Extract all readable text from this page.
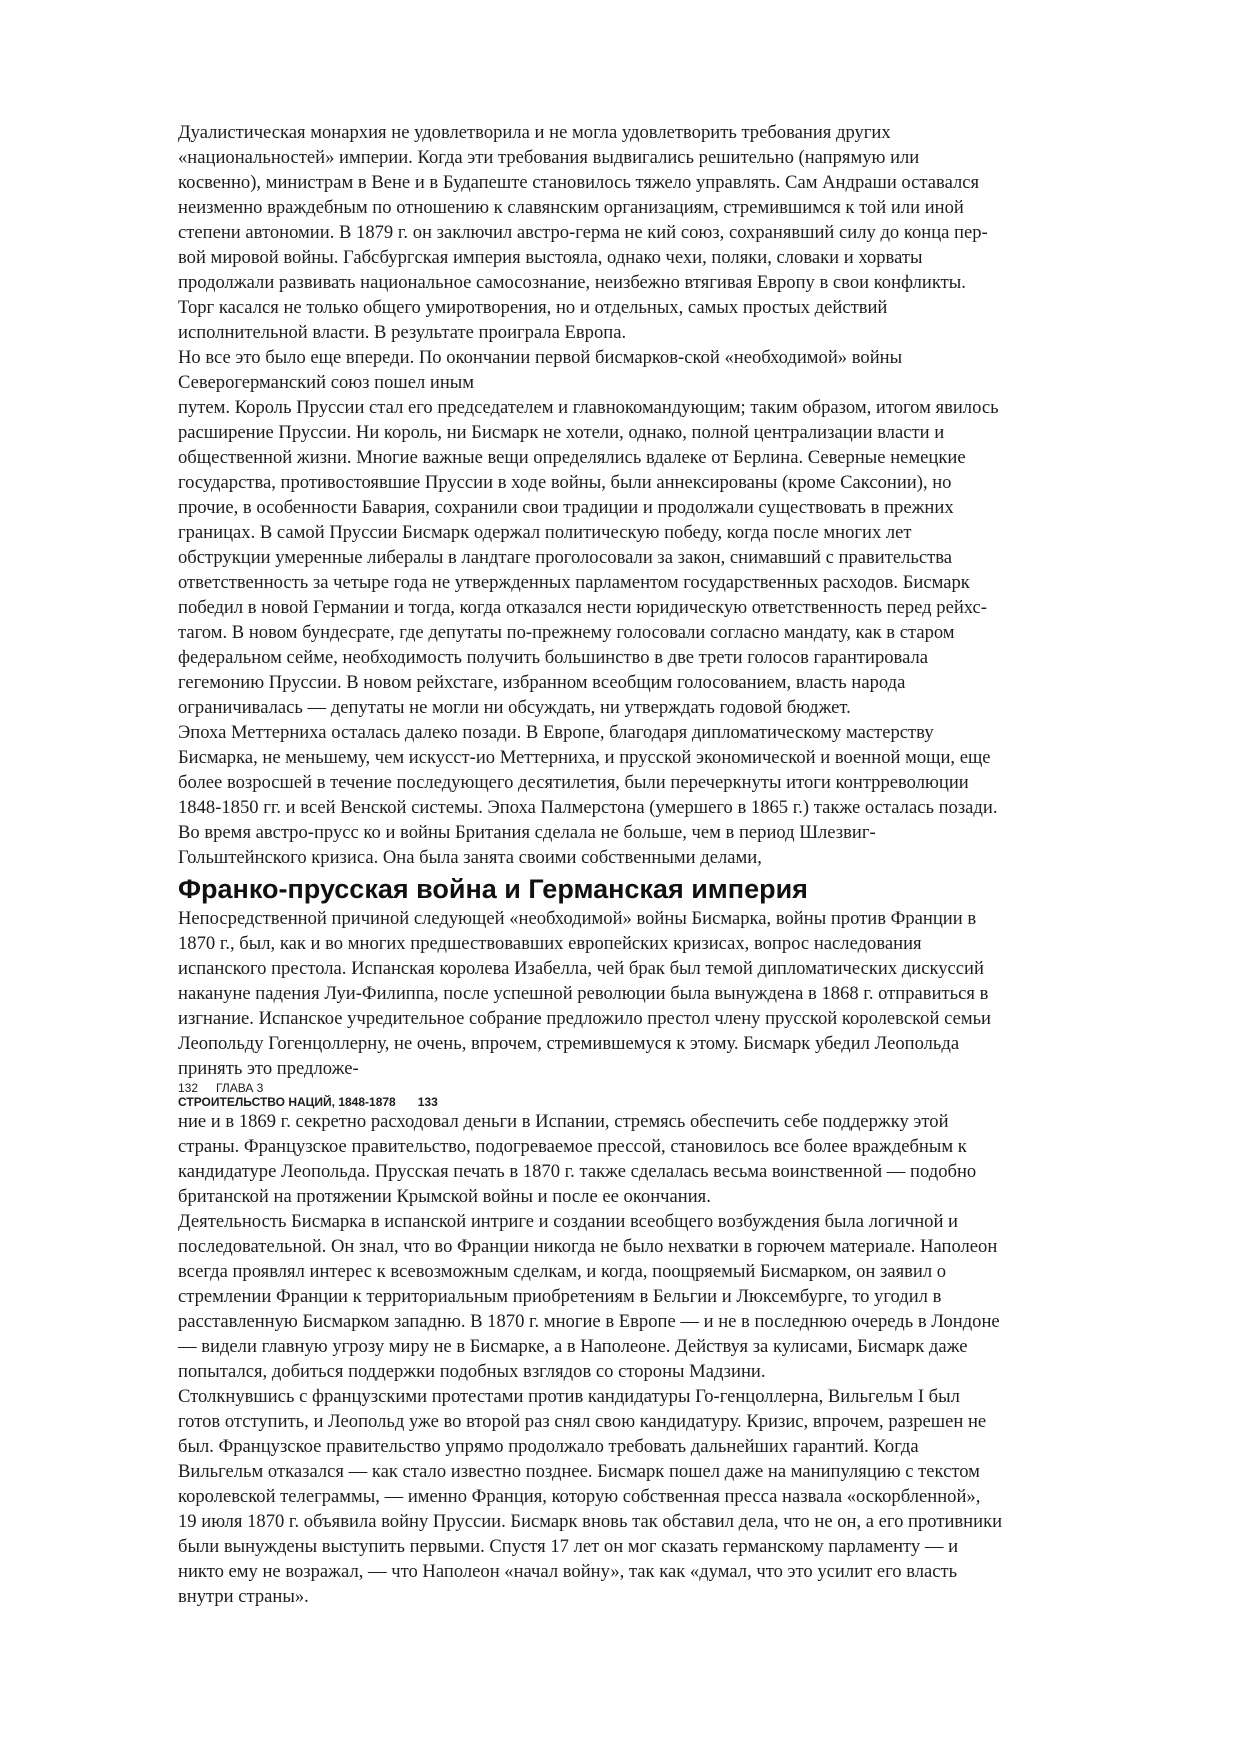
Дуалистическая монархия не удовлетворила и не могла удовлетворить требования других
«национальностей» империи. Когда эти требования выдвигались решительно (напрямую или
косвенно), министрам в Вене и в Будапеште становилось тяжело управлять. Сам Андраши оставался
неизменно враждебным по отношению к славянским организациям, стремившимся к той или иной
степени автономии. В 1879 г. он заключил австро-герма не кий союз, сохранявший силу до конца пер-
вой мировой войны. Габсбургская империя выстояла, однако чехи, поляки, словаки и хорваты
продолжали развивать национальное самосознание, неизбежно втягивая Европу в свои конфликты.
Торг касался не только общего умиротворения, но и отдельных, самых простых действий
исполнительной власти. В результате проиграла Европа.

Но все это было еще впереди. По окончании первой бисмарков-ской «необходимой» войны
Северогерманский союз пошел иным
путем. Король Пруссии стал его председателем и главнокомандующим; таким образом, итогом явилось
расширение Пруссии. Ни король, ни Бисмарк не хотели, однако, полной централизации власти и
общественной жизни. Многие важные вещи определялись вдалеке от Берлина. Северные немецкие
государства, противостоявшие Пруссии в ходе войны, были аннексированы (кроме Саксонии), но
прочие, в особенности Бавария, сохранили свои традиции и продолжали существовать в прежних
границах. В самой Пруссии Бисмарк одержал политическую победу, когда после многих лет
обструкции умеренные либералы в ландтаге проголосовали за закон, снимавший с правительства
ответственность за четыре года не утвержденных парламентом государственных расходов. Бисмарк
победил в новой Германии и тогда, когда отказался нести юридическую ответственность перед рейхс-
тагом. В новом бундесрате, где депутаты по-прежнему голосовали согласно мандату, как в старом
федеральном сейме, необходимость получить большинство в две трети голосов гарантировала
гегемонию Пруссии. В новом рейхстаге, избранном всеобщим голосованием, власть народа
ограничивалась — депутаты не могли ни обсуждать, ни утверждать годовой бюджет.

Эпоха Меттерниха осталась далеко позади. В Европе, благодаря дипломатическому мастерству
Бисмарка, не меньшему, чем искусст-ио Меттерниха, и прусской экономической и военной мощи, еще
более возросшей в течение последующего десятилетия, были перечеркнуты итоги контрреволюции
1848-1850 гг. и всей Венской системы. Эпоха Палмерстона (умершего в 1865 г.) также осталась позади.
Во время австро-прусс ко и войны Британия сделала не больше, чем в период Шлезвиг-
Гольштейнского кризиса. Она была занята своими собственными делами,

Франко-прусская война и Германская империя

Непосредственной причиной следующей «необходимой» войны Бисмарка, войны против Франции в
1870 г., был, как и во многих предшествовавших европейских кризисах, вопрос наследования
испанского престола. Испанская королева Изабелла, чей брак был темой дипломатических дискуссий
накануне падения Луи-Филиппа, после успешной революции была вынуждена в 1868 г. отправиться в
изгнание. Испанское учредительное собрание предложило престол члену прусской королевской семьи
Леопольду Гогенцоллерну, не очень, впрочем, стремившемуся к этому. Бисмарк убедил Леопольда
принять это предложе-

132 ГЛАВА 3
СТРОИТЕЛЬСТВО НАЦИЙ, 1848-1878 133

ние и в 1869 г. секретно расходовал деньги в Испании, стремясь обеспечить себе поддержку этой
страны. Французское правительство, подогреваемое прессой, становилось все более враждебным к
кандидатуре Леопольда. Прусская печать в 1870 г. также сделалась весьма воинственной — подобно
британской на протяжении Крымской войны и после ее окончания.

Деятельность Бисмарка в испанской интриге и создании всеобщего возбуждения была логичной и
последовательной. Он знал, что во Франции никогда не было нехватки в горючем материале. Наполеон
всегда проявлял интерес к всевозможным сделкам, и когда, поощряемый Бисмарком, он заявил о
стремлении Франции к территориальным приобретениям в Бельгии и Люксембурге, то угодил в
расставленную Бисмарком западню. В 1870 г. многие в Европе — и не в последнюю очередь в Лондоне
— видели главную угрозу миру не в Бисмарке, а в Наполеоне. Действуя за кулисами, Бисмарк даже
попытался, добиться поддержки подобных взглядов со стороны Мадзини.

Столкнувшись с французскими протестами против кандидатуры Го-генцоллерна, Вильгельм I был
готов отступить, и Леопольд уже во второй раз снял свою кандидатуру. Кризис, впрочем, разрешен не
был. Французское правительство упрямо продолжало требовать дальнейших гарантий. Когда
Вильгельм отказался — как стало известно позднее. Бисмарк пошел даже на манипуляцию с текстом
королевской телеграммы, — именно Франция, которую собственная пресса назвала «оскорбленной»,
19 июля 1870 г. объявила войну Пруссии. Бисмарк вновь так обставил дела, что не он, а его противники
были вынуждены выступить первыми. Спустя 17 лет он мог сказать германскому парламенту — и
никто ему не возражал, — что Наполеон «начал войну», так как «думал, что это усилит его власть
внутри страны».
